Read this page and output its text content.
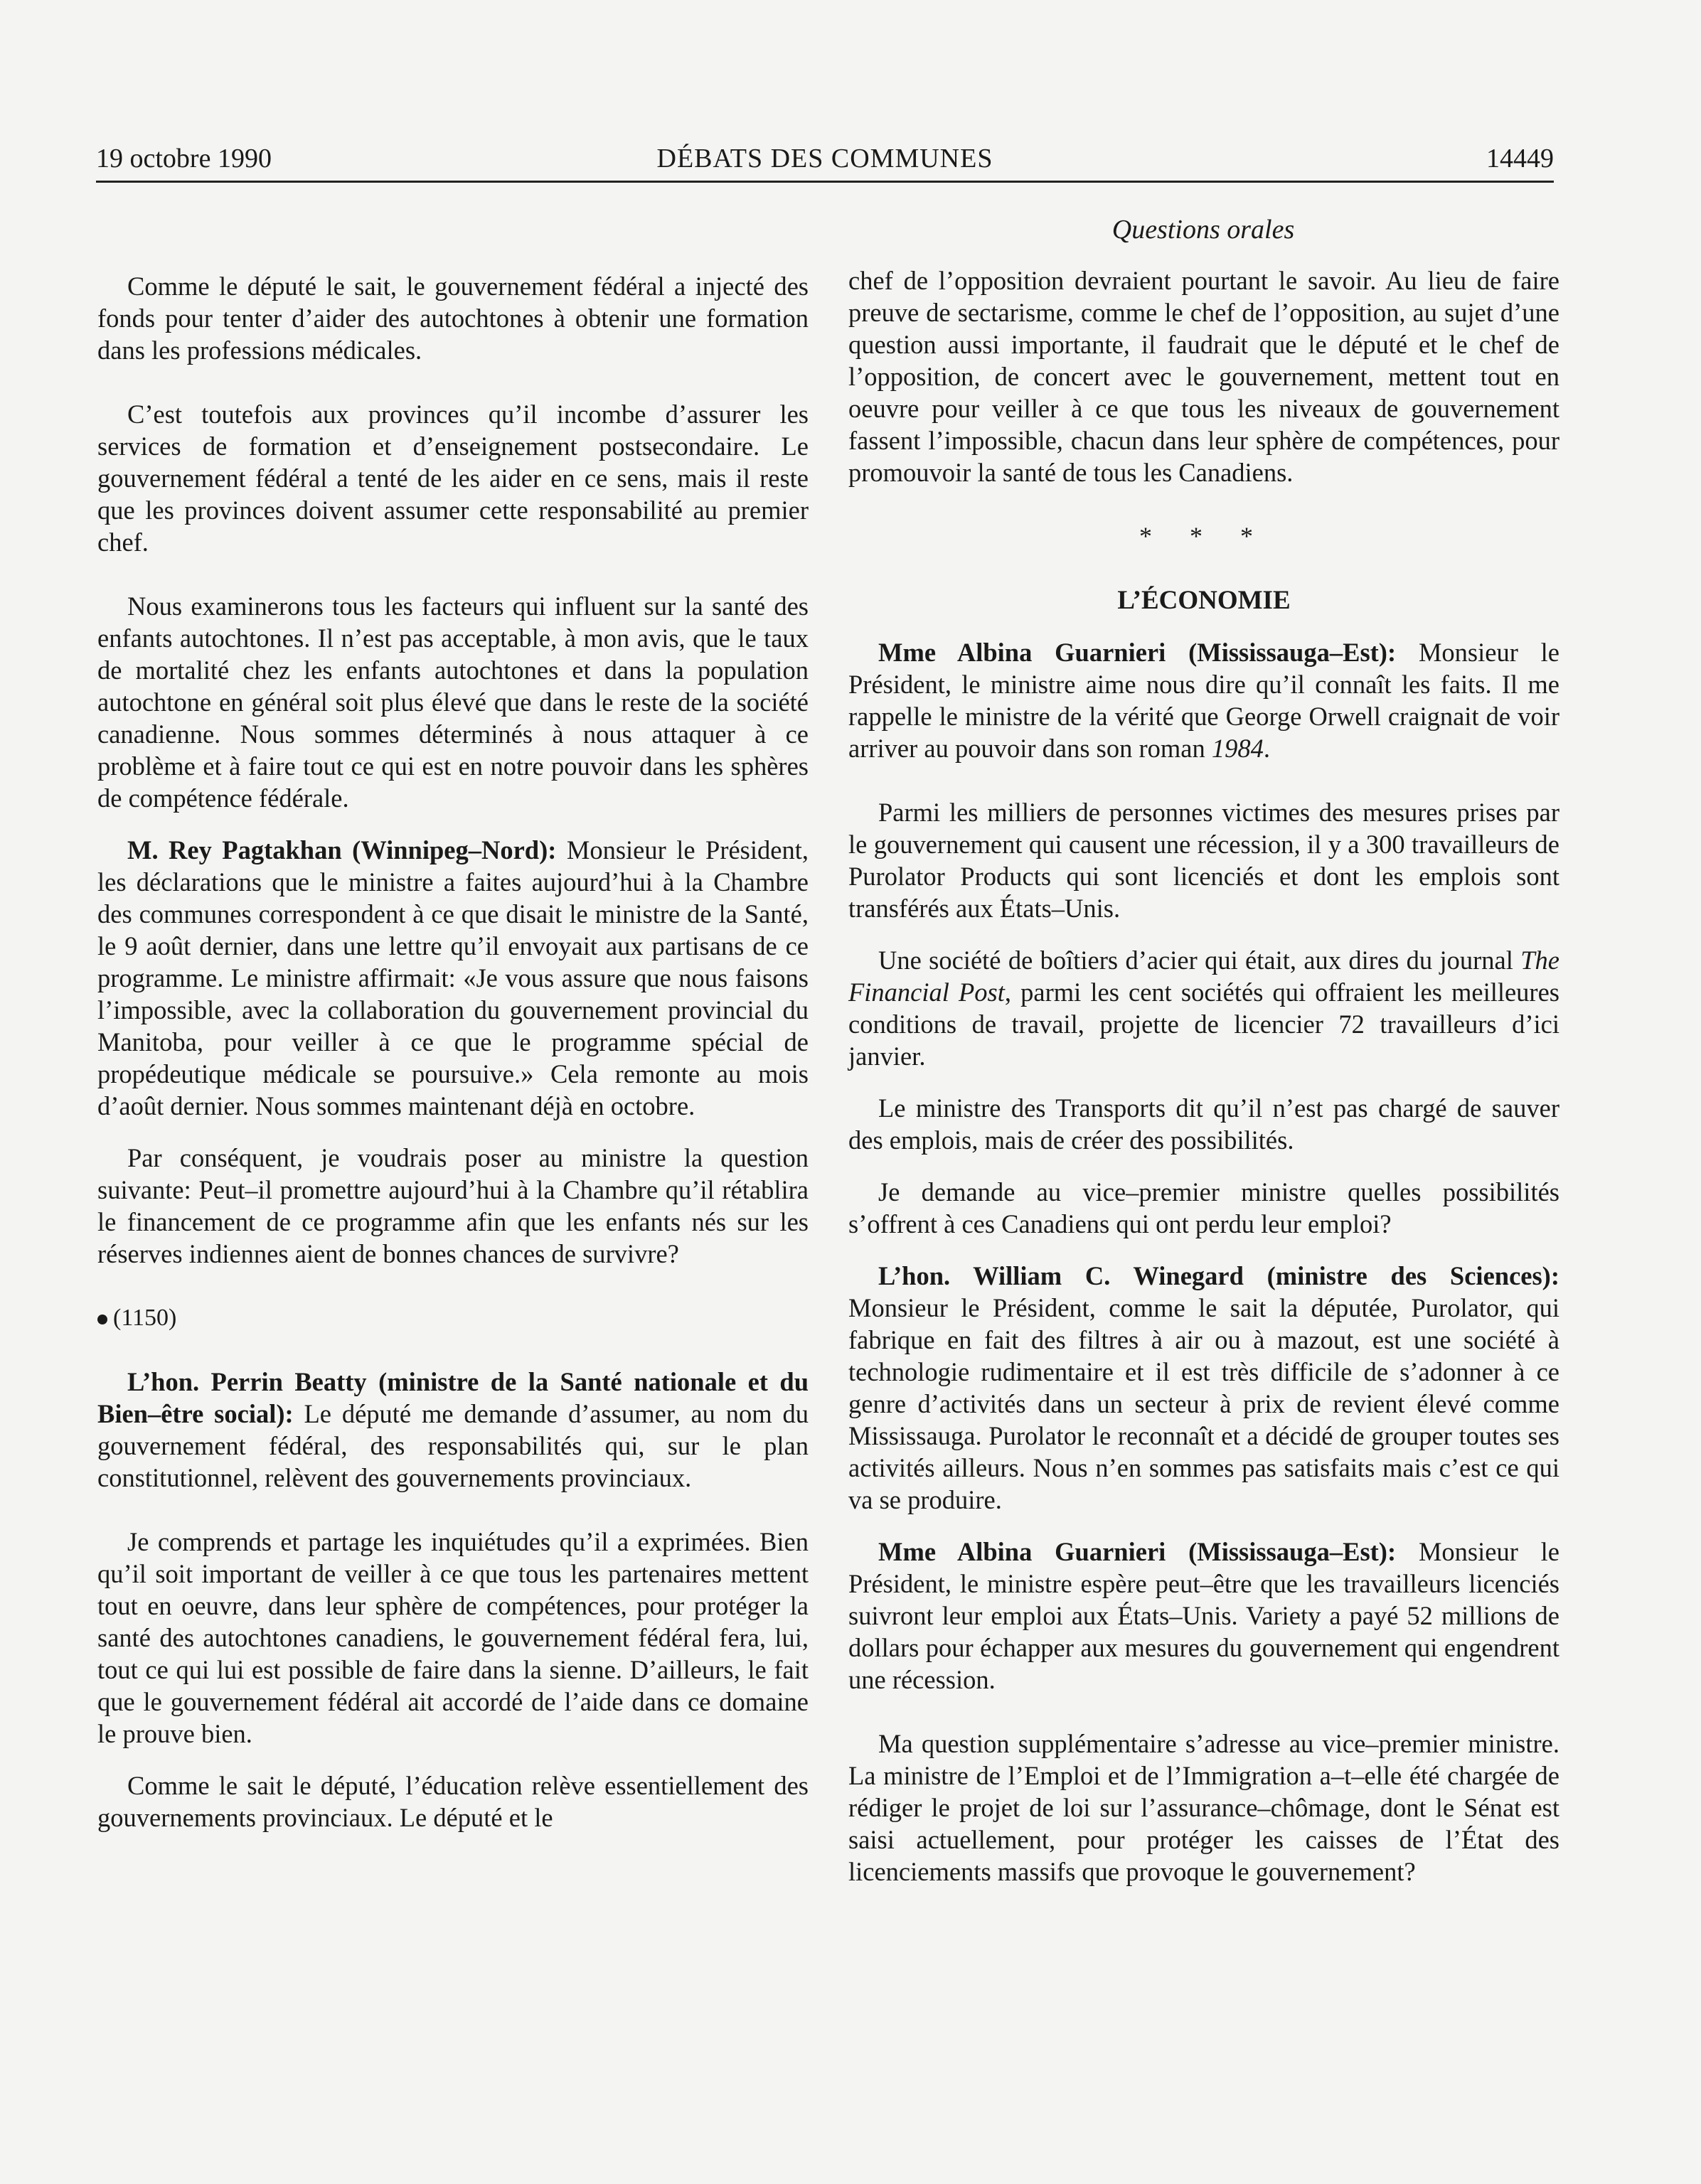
19 octobre 1990	DÉBATS DES COMMUNES	14449
Questions orales

Comme le député le sait, le gouvernement fédéral a injecté des fonds pour tenter d’aider des autochtones à obtenir une formation dans les professions médicales.

C’est toutefois aux provinces qu’il incombe d’assurer les services de formation et d’enseignement postsecondaire. Le gouvernement fédéral a tenté de les aider en ce sens, mais il reste que les provinces doivent assumer cette responsabilité au premier chef.

Nous examinerons tous les facteurs qui influent sur la santé des enfants autochtones. Il n’est pas acceptable, à mon avis, que le taux de mortalité chez les enfants autochtones et dans la population autochtone en général soit plus élevé que dans le reste de la société canadienne. Nous sommes déterminés à nous attaquer à ce problème et à faire tout ce qui est en notre pouvoir dans les sphères de compétence fédérale.

M. Rey Pagtakhan (Winnipeg–Nord): Monsieur le Président, les déclarations que le ministre a faites aujourd’hui à la Chambre des communes correspondent à ce que disait le ministre de la Santé, le 9 août dernier, dans une lettre qu’il envoyait aux partisans de ce programme. Le ministre affirmait: «Je vous assure que nous faisons l’impossible, avec la collaboration du gouvernement provincial du Manitoba, pour veiller à ce que le programme spécial de propédeutique médicale se poursuive.» Cela remonte au mois d’août dernier. Nous sommes maintenant déjà en octobre.

Par conséquent, je voudrais poser au ministre la question suivante: Peut–il promettre aujourd’hui à la Chambre qu’il rétablira le financement de ce programme afin que les enfants nés sur les réserves indiennes aient de bonnes chances de survivre?

(1150)

L’hon. Perrin Beatty (ministre de la Santé nationale et du Bien–être social): Le député me demande d’assumer, au nom du gouvernement fédéral, des responsabilités qui, sur le plan constitutionnel, relèvent des gouvernements provinciaux.

Je comprends et partage les inquiétudes qu’il a exprimées. Bien qu’il soit important de veiller à ce que tous les partenaires mettent tout en oeuvre, dans leur sphère de compétences, pour protéger la santé des autochtones canadiens, le gouvernement fédéral fera, lui, tout ce qui lui est possible de faire dans la sienne. D’ailleurs, le fait que le gouvernement fédéral ait accordé de l’aide dans ce domaine le prouve bien.

Comme le sait le député, l’éducation relève essentiellement des gouvernements provinciaux. Le député et le

chef de l’opposition devraient pourtant le savoir. Au lieu de faire preuve de sectarisme, comme le chef de l’opposition, au sujet d’une question aussi importante, il faudrait que le député et le chef de l’opposition, de concert avec le gouvernement, mettent tout en oeuvre pour veiller à ce que tous les niveaux de gouvernement fassent l’impossible, chacun dans leur sphère de compétences, pour promouvoir la santé de tous les Canadiens.

* * *

L’ÉCONOMIE

Mme Albina Guarnieri (Mississauga–Est): Monsieur le Président, le ministre aime nous dire qu’il connaît les faits. Il me rappelle le ministre de la vérité que George Orwell craignait de voir arriver au pouvoir dans son roman 1984.

Parmi les milliers de personnes victimes des mesures prises par le gouvernement qui causent une récession, il y a 300 travailleurs de Purolator Products qui sont licenciés et dont les emplois sont transférés aux États–Unis.

Une société de boîtiers d’acier qui était, aux dires du journal The Financial Post, parmi les cent sociétés qui offraient les meilleures conditions de travail, projette de licencier 72 travailleurs d’ici janvier.

Le ministre des Transports dit qu’il n’est pas chargé de sauver des emplois, mais de créer des possibilités.

Je demande au vice–premier ministre quelles possibilités s’offrent à ces Canadiens qui ont perdu leur emploi?

L’hon. William C. Winegard (ministre des Sciences): Monsieur le Président, comme le sait la députée, Purolator, qui fabrique en fait des filtres à air ou à mazout, est une société à technologie rudimentaire et il est très difficile de s’adonner à ce genre d’activités dans un secteur à prix de revient élevé comme Mississauga. Purolator le reconnaît et a décidé de grouper toutes ses activités ailleurs. Nous n’en sommes pas satisfaits mais c’est ce qui va se produire.

Mme Albina Guarnieri (Mississauga–Est): Monsieur le Président, le ministre espère peut–être que les travailleurs licenciés suivront leur emploi aux États–Unis. Variety a payé 52 millions de dollars pour échapper aux mesures du gouvernement qui engendrent une récession.

Ma question supplémentaire s’adresse au vice–premier ministre. La ministre de l’Emploi et de l’Immigration a–t–elle été chargée de rédiger le projet de loi sur l’assurance–chômage, dont le Sénat est saisi actuellement, pour protéger les caisses de l’État des licenciements massifs que provoque le gouvernement?
